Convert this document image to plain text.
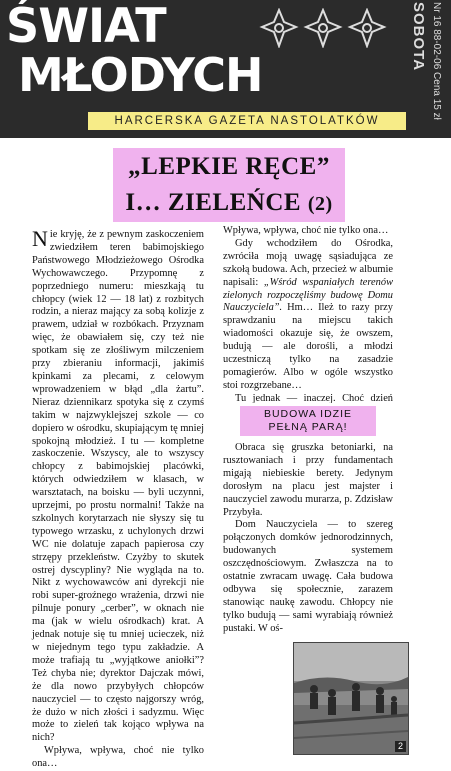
ŚWIAT
MŁODYCH
SOBOTA Nr 16 88-02-06 Cena 15 zł
HARCERSKA GAZETA NASTOLATKÓW
„LEPKIE RĘCE”
I… ZIELEŃCE (2)

Nie kryję, że z pewnym zaskoczeniem zwiedziłem teren babimojskiego Państwowego Młodzieżowego Ośrodka Wychowawczego. Przypomnę z poprzedniego numeru: mieszkają tu chłopcy (wiek 12 — 18 lat) z rozbitych rodzin, a nieraz mający za sobą kolizje z prawem, udział w rozbókach. Przyznam więc, że obawiałem się, czy też nie spotkam się ze złośliwym milczeniem przy zbieraniu informacji, jakimiś kpinkami za plecami, z celowym wprowadzeniem w błąd „dla żartu”. Nieraz dziennikarz spotyka się z czymś takim w najzwyklejszej szkole — co dopiero w ośrodku, skupiającym tę mniej spokojną młodzież. I tu — kompletne zaskoczenie. Wszyscy, ale to wszyscy chłopcy z babimojskiej placówki, których odwiedziłem w klasach, w warsztatach, na boisku — byli uczynni, uprzejmi, po prostu normalni! Także na szkolnych korytarzach nie słyszy się tu typowego wrzasku, z uchylonych drzwi WC nie dolatuje zapach papierosa czy strzępy przekleństw. Czyżby to skutek ostrej dyscypliny? Nie wygląda na to. Nikt z wychowawców ani dyrekcji nie robi super-groźnego wrażenia, drzwi nie pilnuje ponury „cerber”, w oknach nie ma (jak w wielu ośrodkach) krat. A jednak notuje się tu mniej ucieczek, niż w niejednym tego typu zakładzie. A może trafiają tu „wyjątkowe aniołki”? Też chyba nie; dyrektor Dajczak mówi, że dla nowo przybyłych chłopców nauczyciel — to często najgorszy wróg, że dużo w nich złości i sadyzmu. Więc może to zieleń tak kojąco wpływa na nich?

Wpływa, wpływa, choć nie tylko ona…

Wpływa, wpływa, choć nie tylko ona…

Gdy wchodziłem do Ośrodka, zwróciła moją uwagę sąsiadująca ze szkołą budowa. Ach, przecież w albumie napisali: „Wśród wspaniałych terenów zielonych rozpoczęliśmy budowę Domu Nauczyciela”. Hm… Ileż to razy przy sprawdzaniu na miejscu takich wiadomości okazuje się, że owszem, budują — ale dorośli, a młodzi uczestniczą tylko na zasadzie pomagierów. Albo w ogóle wszystko stoi rozgrzebane…

Tu jednak — inaczej. Choć dzień

BUDOWA IDZIE
PEŁNĄ PARĄ!

Obraca się gruszka betoniarki, na rusztowaniach i przy fundamentach migają niebieskie berety. Jedynym dorosłym na placu jest majster i nauczyciel zawodu murarza, p. Zdzisław Przybyła.

Dom Nauczyciela — to szereg połączonych domków jednorodzinnych, budowanych systemem oszczędnościowym. Zwłaszcza na to ostatnie zwracam uwagę. Cała budowa odbywa się społecznie, zarazem stanowiąc naukę zawodu. Chłopcy nie tylko budują — sami wyrabiają również pustaki. W oś-

2
